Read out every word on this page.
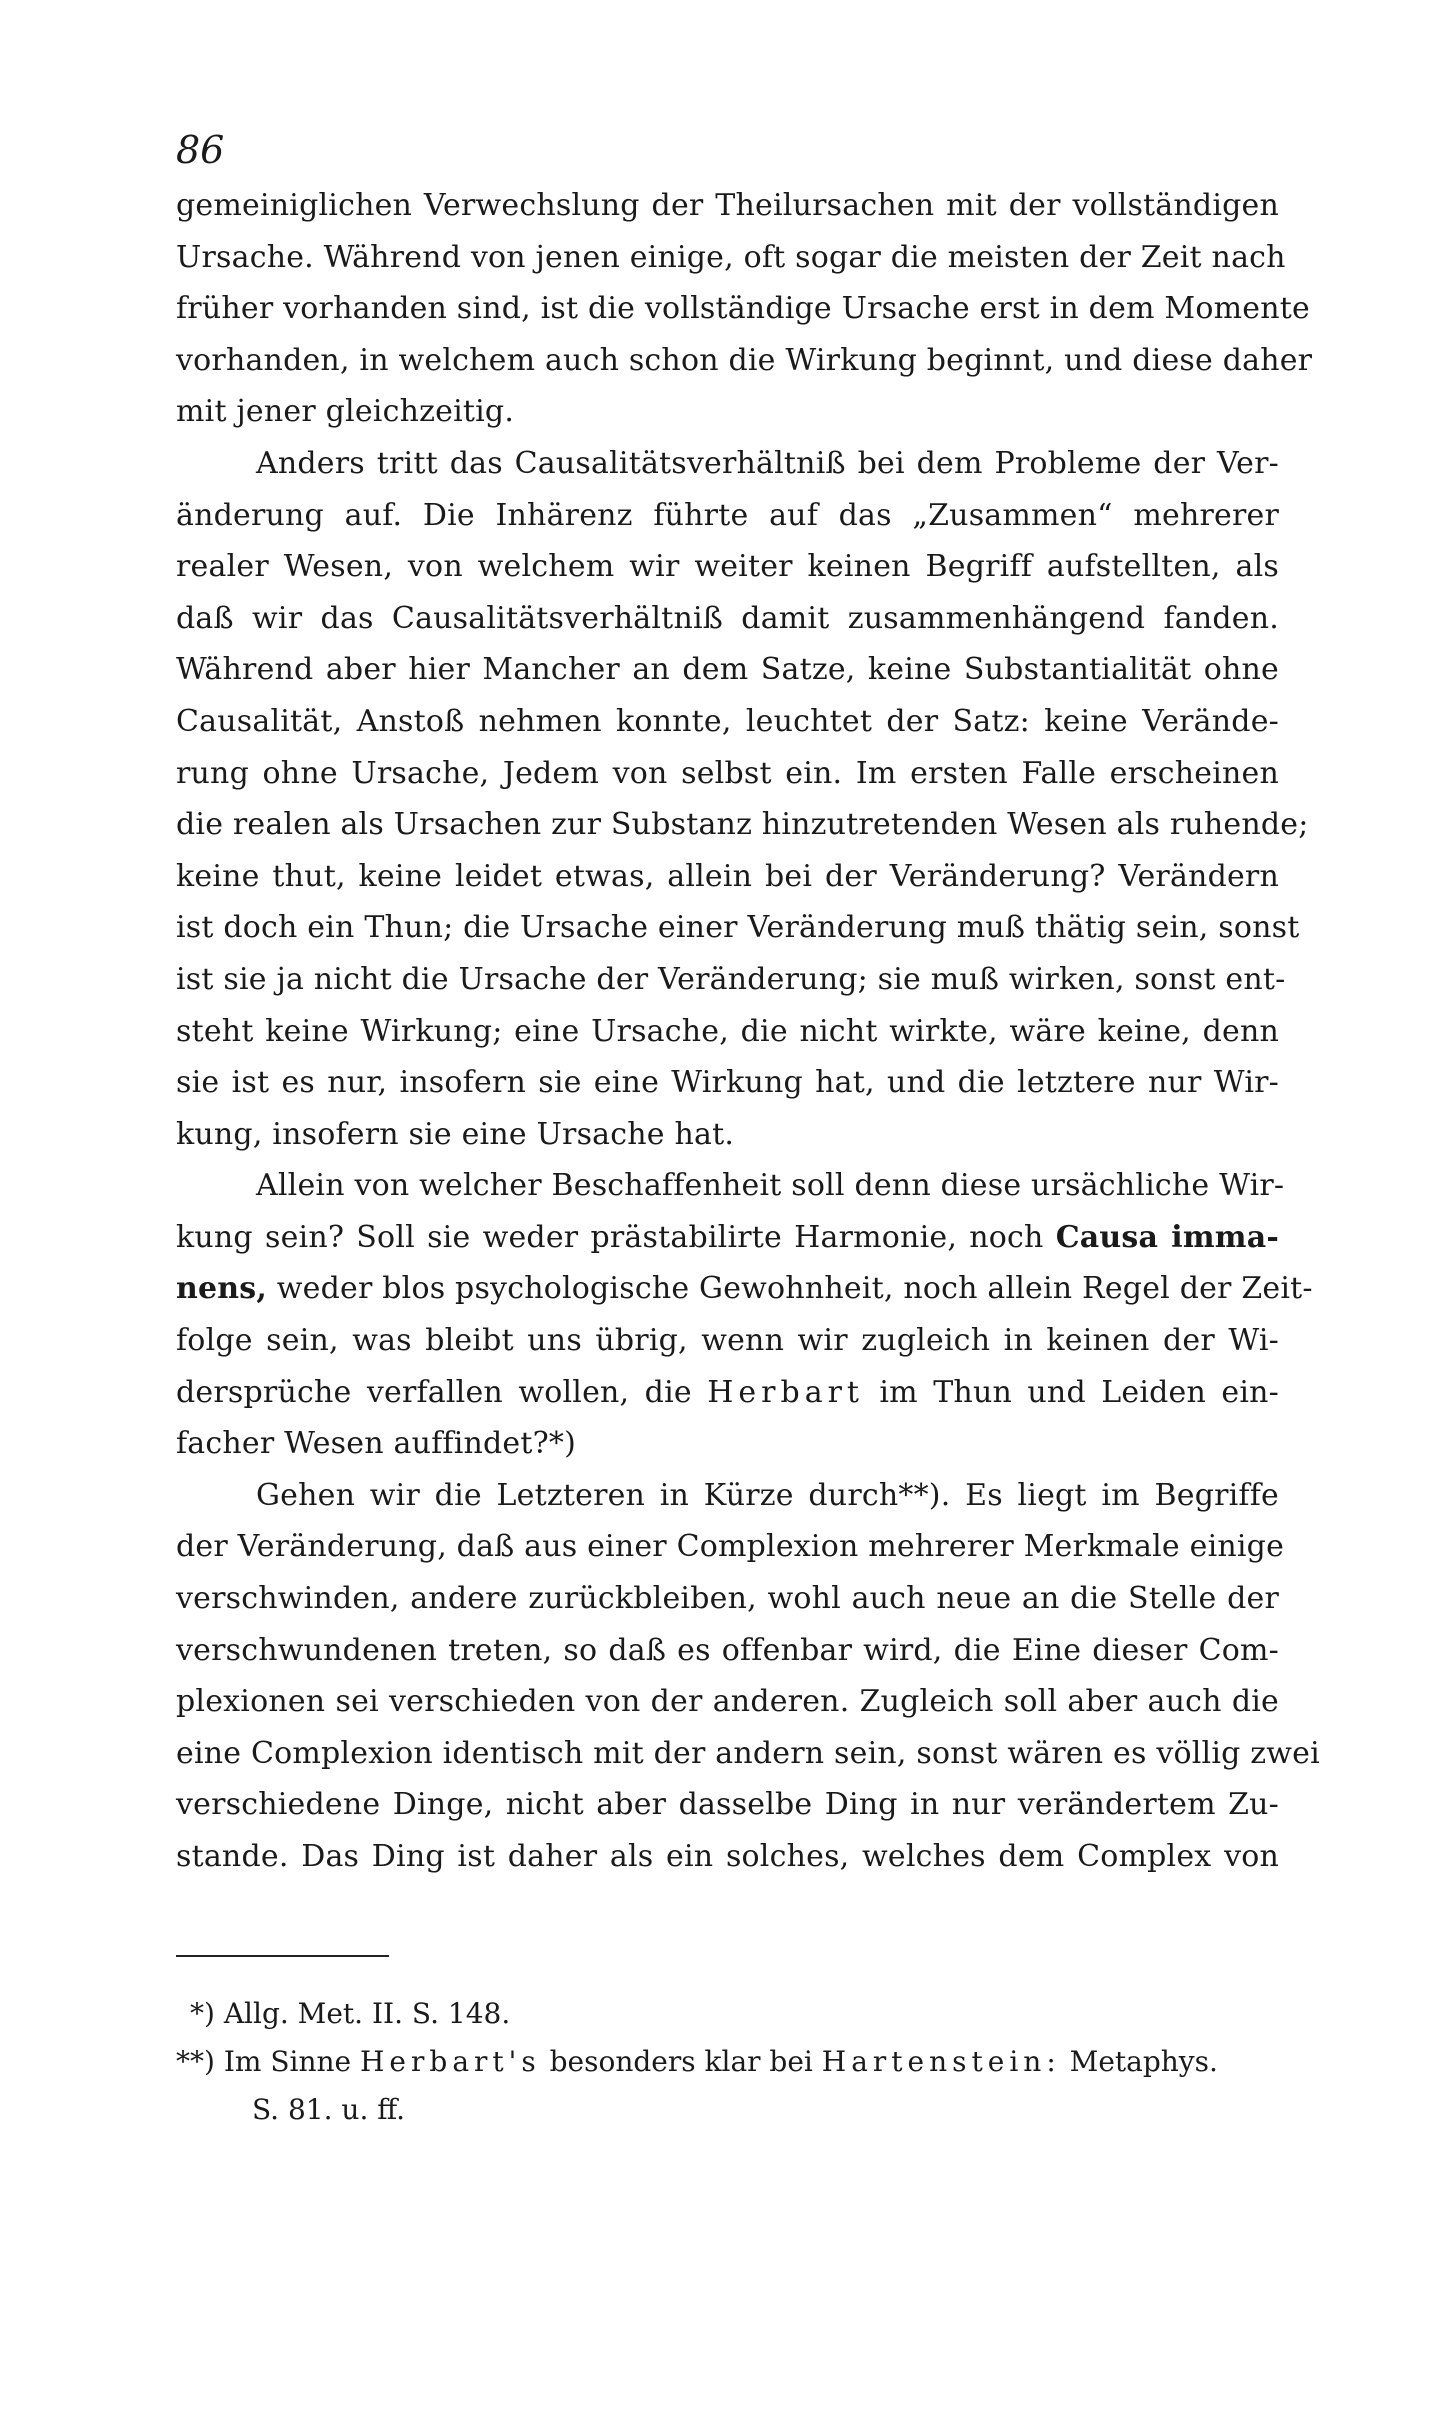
86
gemeiniglichen Verwechslung der Theilursachen mit der vollständigen
Ursache. Während von jenen einige, oft sogar die meisten der Zeit nach
früher vorhanden sind, ist die vollständige Ursache erst in dem Momente
vorhanden, in welchem auch schon die Wirkung beginnt, und diese daher
mit jener gleichzeitig.
Anders tritt das Causalitätsverhältniß bei dem Probleme der Ver-
änderung auf. Die Inhärenz führte auf das „Zusammen“ mehrerer
realer Wesen, von welchem wir weiter keinen Begriff aufstellten, als
daß wir das Causalitätsverhältniß damit zusammenhängend fanden.
Während aber hier Mancher an dem Satze, keine Substantialität ohne
Causalität, Anstoß nehmen konnte, leuchtet der Satz: keine Verände-
rung ohne Ursache, Jedem von selbst ein. Im ersten Falle erscheinen
die realen als Ursachen zur Substanz hinzutretenden Wesen als ruhende;
keine thut, keine leidet etwas, allein bei der Veränderung? Verändern
ist doch ein Thun; die Ursache einer Veränderung muß thätig sein, sonst
ist sie ja nicht die Ursache der Veränderung; sie muß wirken, sonst ent-
steht keine Wirkung; eine Ursache, die nicht wirkte, wäre keine, denn
sie ist es nur, insofern sie eine Wirkung hat, und die letztere nur Wir-
kung, insofern sie eine Ursache hat.
Allein von welcher Beschaffenheit soll denn diese ursächliche Wir-
kung sein? Soll sie weder prästabilirte Harmonie, noch Causa imma-
nens, weder blos psychologische Gewohnheit, noch allein Regel der Zeit-
folge sein, was bleibt uns übrig, wenn wir zugleich in keinen der Wi-
dersprüche verfallen wollen, die Herbart im Thun und Leiden ein-
facher Wesen auffindet?*)
Gehen wir die Letzteren in Kürze durch**). Es liegt im Begriffe
der Veränderung, daß aus einer Complexion mehrerer Merkmale einige
verschwinden, andere zurückbleiben, wohl auch neue an die Stelle der
verschwundenen treten, so daß es offenbar wird, die Eine dieser Com-
plexionen sei verschieden von der anderen. Zugleich soll aber auch die
eine Complexion identisch mit der andern sein, sonst wären es völlig zwei
verschiedene Dinge, nicht aber dasselbe Ding in nur verändertem Zu-
stande. Das Ding ist daher als ein solches, welches dem Complex von
*) Allg. Met. II. S. 148.
**) Im Sinne Herbart's besonders klar bei Hartenstein: Metaphys.
S. 81. u. ff.
